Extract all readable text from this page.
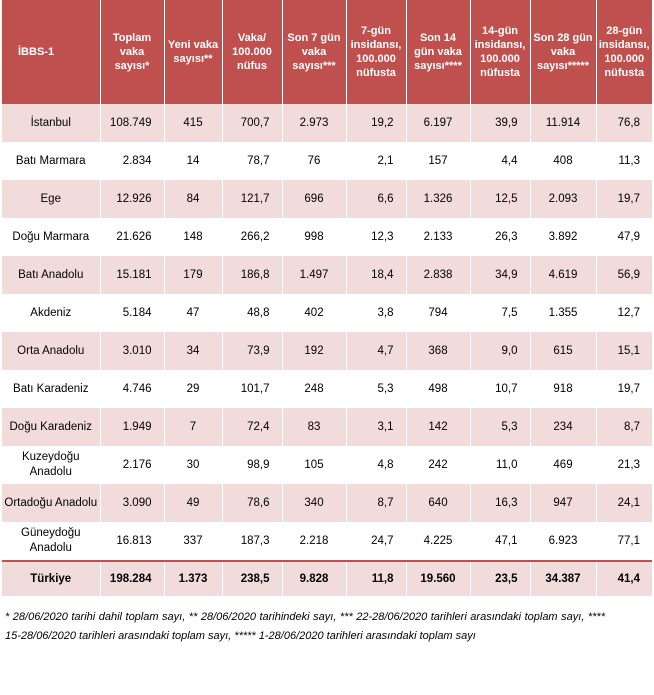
İBBS-1	Toplam vaka sayısı*	Yeni vaka sayısı**	Vaka/ 100.000 nüfus	Son 7 gün vaka sayısı***	7-gün insidansı, 100.000 nüfusta	Son 14 gün vaka sayısı****	14-gün insidansı, 100.000 nüfusta	Son 28 gün vaka sayısı*****	28-gün insidansı, 100.000 nüfusta
İstanbul	108.749	415	700,7	2.973	19,2	6.197	39,9	11.914	76,8
Batı Marmara	2.834	14	78,7	76	2,1	157	4,4	408	11,3
Ege	12.926	84	121,7	696	6,6	1.326	12,5	2.093	19,7
Doğu Marmara	21.626	148	266,2	998	12,3	2.133	26,3	3.892	47,9
Batı Anadolu	15.181	179	186,8	1.497	18,4	2.838	34,9	4.619	56,9
Akdeniz	5.184	47	48,8	402	3,8	794	7,5	1.355	12,7
Orta Anadolu	3.010	34	73,9	192	4,7	368	9,0	615	15,1
Batı Karadeniz	4.746	29	101,7	248	5,3	498	10,7	918	19,7
Doğu Karadeniz	1.949	7	72,4	83	3,1	142	5,3	234	8,7
Kuzeydoğu Anadolu	2.176	30	98,9	105	4,8	242	11,0	469	21,3
Ortadoğu Anadolu	3.090	49	78,6	340	8,7	640	16,3	947	24,1
Güneydoğu Anadolu	16.813	337	187,3	2.218	24,7	4.225	47,1	6.923	77,1
Türkiye	198.284	1.373	238,5	9.828	11,8	19.560	23,5	34.387	41,4
* 28/06/2020 tarihi dahil toplam sayı, ** 28/06/2020 tarihindeki sayı, *** 22-28/06/2020 tarihleri arasındaki toplam sayı, **** 15-28/06/2020 tarihleri arasındaki toplam sayı, ***** 1-28/06/2020 tarihleri arasındaki toplam sayı
